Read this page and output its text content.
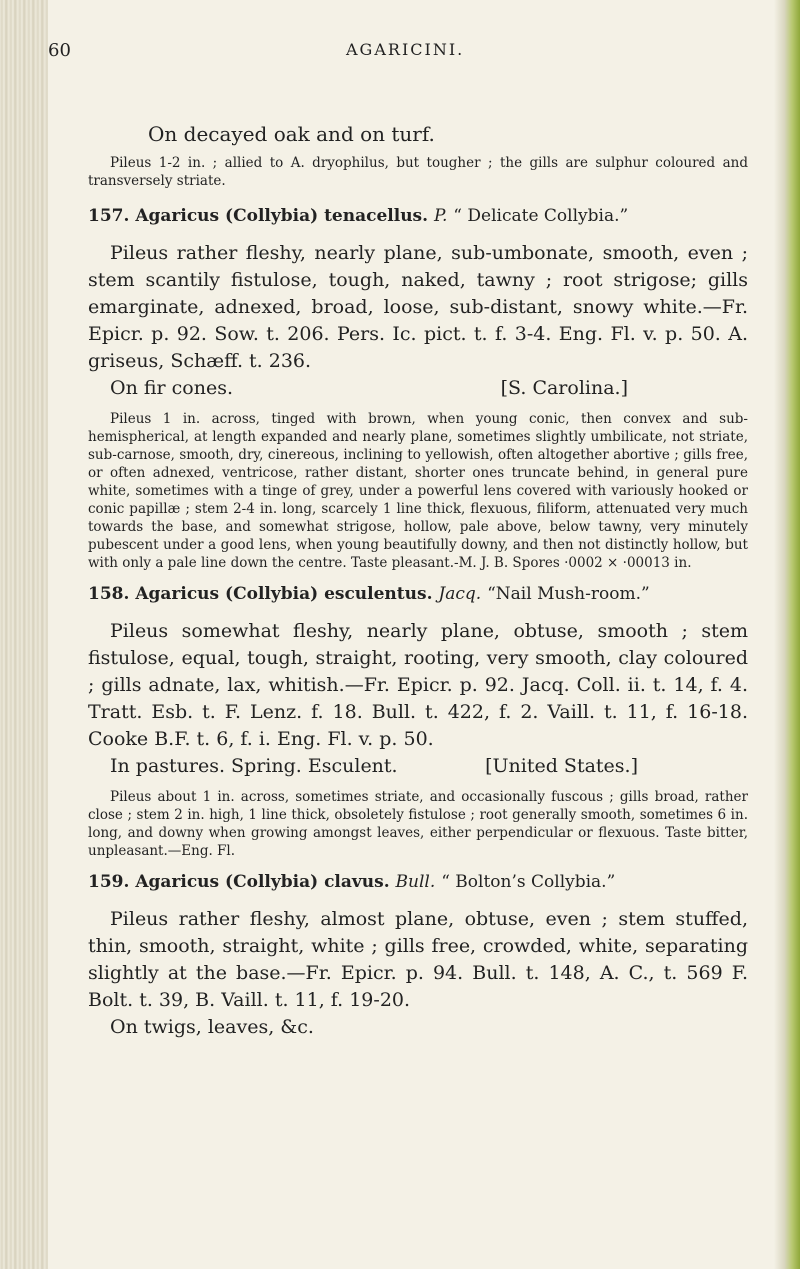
60	AGARICINI.
On decayed oak and on turf.
Pileus 1-2 in. ; allied to A. dryophilus, but tougher ; the gills are sulphur coloured and transversely striate.
157. Agaricus (Collybia) tenacellus. P. “ Delicate Collybia.”
Pileus rather fleshy, nearly plane, sub-umbonate, smooth, even ; stem scantily fistulose, tough, naked, tawny ; root strigose; gills emarginate, adnexed, broad, loose, sub-distant, snowy white.—Fr. Epicr. p. 92. Sow. t. 206. Pers. Ic. pict. t. f. 3-4. Eng. Fl. v. p. 50. A. griseus, Schæff. t. 236.
On fir cones.	[S. Carolina.]
Pileus 1 in. across, tinged with brown, when young conic, then convex and sub-hemispherical, at length expanded and nearly plane, sometimes slightly umbilicate, not striate, sub-carnose, smooth, dry, cinereous, inclining to yellowish, often altogether abortive ; gills free, or often adnexed, ventricose, rather distant, shorter ones truncate behind, in general pure white, sometimes with a tinge of grey, under a powerful lens covered with variously hooked or conic papillæ ; stem 2-4 in. long, scarcely 1 line thick, flexuous, filiform, attenuated very much towards the base, and somewhat strigose, hollow, pale above, below tawny, very minutely pubescent under a good lens, when young beautifully downy, and then not distinctly hollow, but with only a pale line down the centre. Taste pleasant.-M. J. B. Spores ·0002 × ·00013 in.
158. Agaricus (Collybia) esculentus. Jacq. “Nail Mush-room.”
Pileus somewhat fleshy, nearly plane, obtuse, smooth ; stem fistulose, equal, tough, straight, rooting, very smooth, clay coloured ; gills adnate, lax, whitish.—Fr. Epicr. p. 92. Jacq. Coll. ii. t. 14, f. 4. Tratt. Esb. t. F. Lenz. f. 18. Bull. t. 422, f. 2. Vaill. t. 11, f. 16-18. Cooke B.F. t. 6, f. i. Eng. Fl. v. p. 50.
In pastures. Spring. Esculent.	[United States.]
Pileus about 1 in. across, sometimes striate, and occasionally fuscous ; gills broad, rather close ; stem 2 in. high, 1 line thick, obsoletely fistulose ; root generally smooth, sometimes 6 in. long, and downy when growing amongst leaves, either perpendicular or flexuous. Taste bitter, unpleasant.—Eng. Fl.
159. Agaricus (Collybia) clavus. Bull. “ Bolton’s Collybia.”
Pileus rather fleshy, almost plane, obtuse, even ; stem stuffed, thin, smooth, straight, white ; gills free, crowded, white, separating slightly at the base.—Fr. Epicr. p. 94. Bull. t. 148, A. C., t. 569 F. Bolt. t. 39, B. Vaill. t. 11, f. 19-20.
On twigs, leaves, &c.
